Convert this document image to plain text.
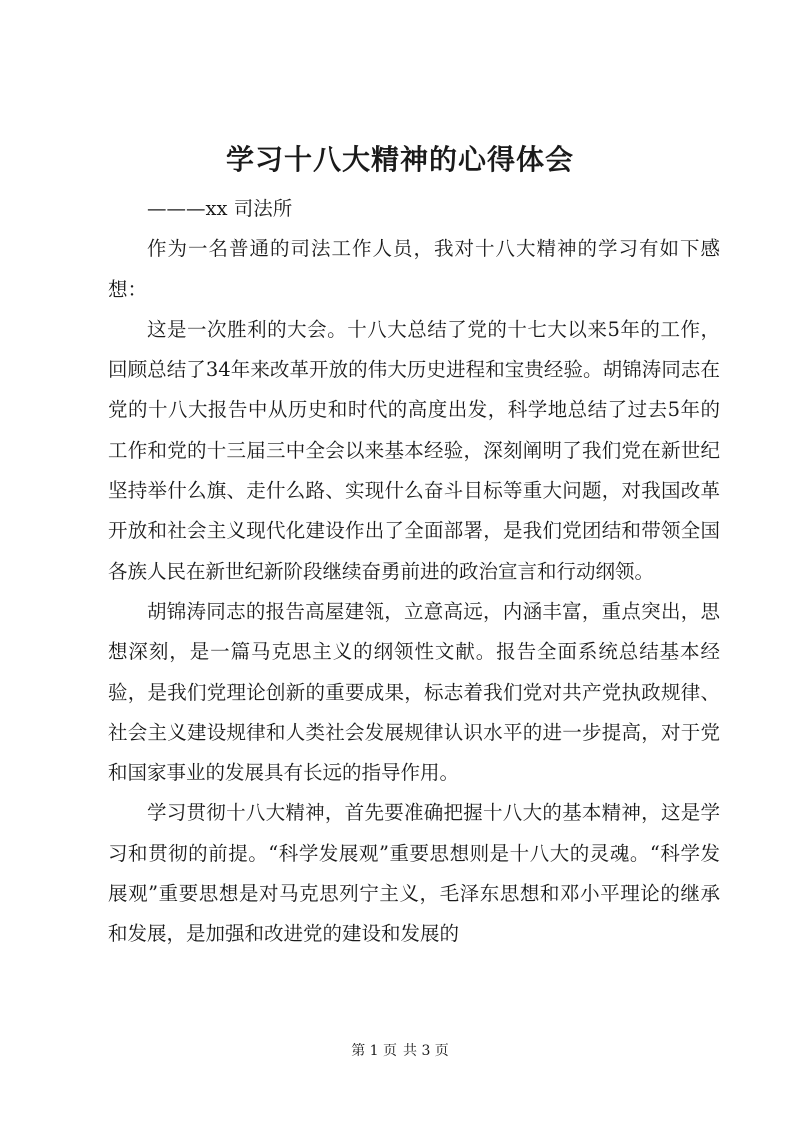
学习十八大精神的心得体会

———xx 司法所

作为一名普通的司法工作人员，我对十八大精神的学习有如下感想：

这是一次胜利的大会。十八大总结了党的十七大以来5年的工作，回顾总结了34年来改革开放的伟大历史进程和宝贵经验。胡锦涛同志在党的十八大报告中从历史和时代的高度出发，科学地总结了过去5年的工作和党的十三届三中全会以来基本经验，深刻阐明了我们党在新世纪坚持举什么旗、走什么路、实现什么奋斗目标等重大问题，对我国改革开放和社会主义现代化建设作出了全面部署，是我们党团结和带领全国各族人民在新世纪新阶段继续奋勇前进的政治宣言和行动纲领。

胡锦涛同志的报告高屋建瓴，立意高远，内涵丰富，重点突出，思想深刻，是一篇马克思主义的纲领性文献。报告全面系统总结基本经验，是我们党理论创新的重要成果，标志着我们党对共产党执政规律、社会主义建设规律和人类社会发展规律认识水平的进一步提高，对于党和国家事业的发展具有长远的指导作用。

学习贯彻十八大精神，首先要准确把握十八大的基本精神，这是学习和贯彻的前提。“科学发展观”重要思想则是十八大的灵魂。“科学发展观”重要思想是对马克思列宁主义，毛泽东思想和邓小平理论的继承和发展，是加强和改进党的建设和发展的

第 1 页 共 3 页
